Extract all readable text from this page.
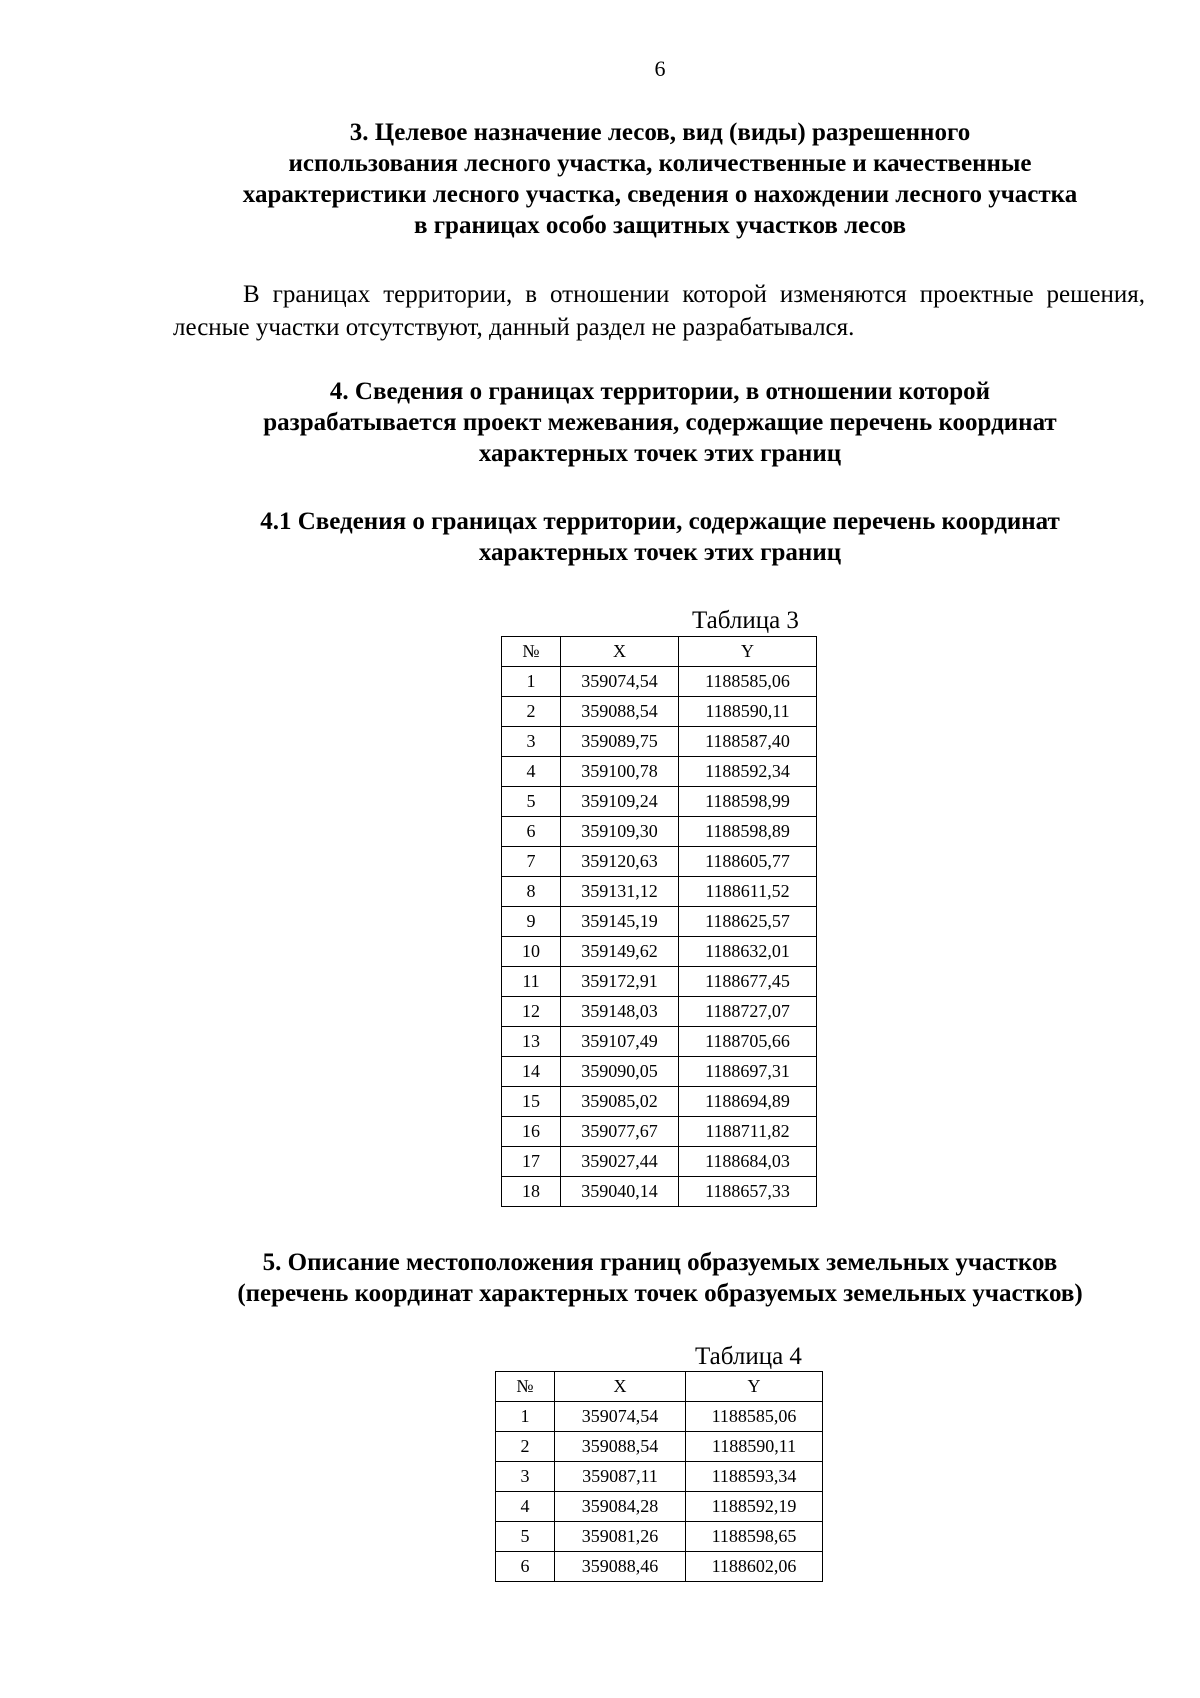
6
3. Целевое назначение лесов, вид (виды) разрешенного
использования лесного участка, количественные и качественные
характеристики лесного участка, сведения о нахождении лесного участка
в границах особо защитных участков лесов

В границах территории, в отношении которой изменяются проектные решения, лесные участки отсутствуют, данный раздел не разрабатывался.

4. Сведения о границах территории, в отношении которой
разрабатывается проект межевания, содержащие перечень координат
характерных точек этих границ
4.1 Сведения о границах территории, содержащие перечень координат
характерных точек этих границ
Таблица 3
№	X	Y
1	359074,54	1188585,06
2	359088,54	1188590,11
3	359089,75	1188587,40
4	359100,78	1188592,34
5	359109,24	1188598,99
6	359109,30	1188598,89
7	359120,63	1188605,77
8	359131,12	1188611,52
9	359145,19	1188625,57
10	359149,62	1188632,01
11	359172,91	1188677,45
12	359148,03	1188727,07
13	359107,49	1188705,66
14	359090,05	1188697,31
15	359085,02	1188694,89
16	359077,67	1188711,82
17	359027,44	1188684,03
18	359040,14	1188657,33
5. Описание местоположения границ образуемых земельных участков
(перечень координат характерных точек образуемых земельных участков)
Таблица 4
№	X	Y
1	359074,54	1188585,06
2	359088,54	1188590,11
3	359087,11	1188593,34
4	359084,28	1188592,19
5	359081,26	1188598,65
6	359088,46	1188602,06
